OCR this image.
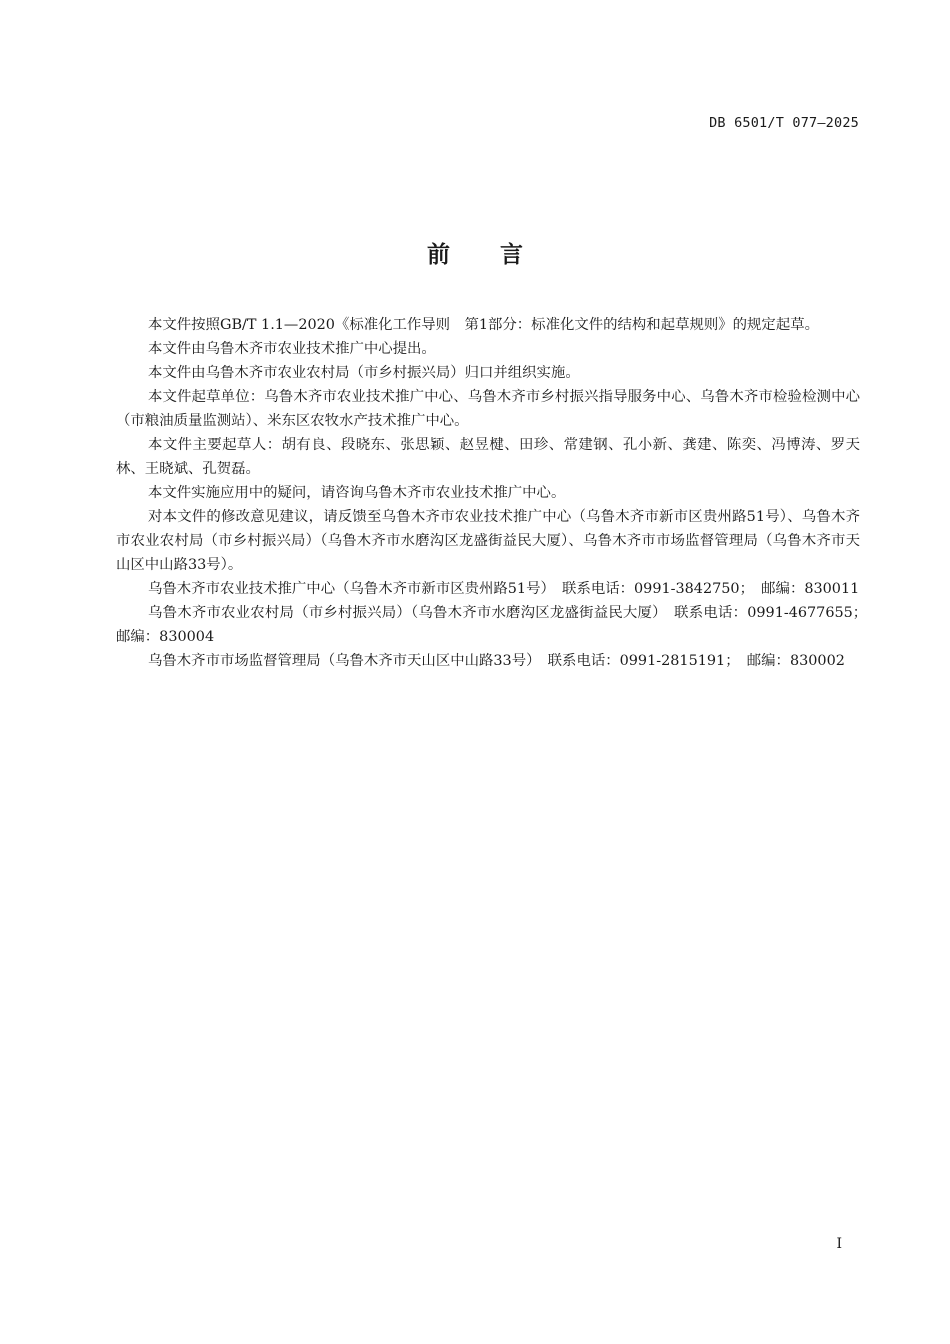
DB 6501/T 077—2025
前言

本文件按照GB/T 1.1—2020《标准化工作导则　第1部分：标准化文件的结构和起草规则》的规定起草。

本文件由乌鲁木齐市农业技术推广中心提出。

本文件由乌鲁木齐市农业农村局（市乡村振兴局）归口并组织实施。

本文件起草单位：乌鲁木齐市农业技术推广中心、乌鲁木齐市乡村振兴指导服务中心、乌鲁木齐市检验检测中心（市粮油质量监测站）、米东区农牧水产技术推广中心。

本文件主要起草人：胡有良、段晓东、张思颖、赵昱楗、田珍、常建钢、孔小新、龚建、陈奕、冯博涛、罗天林、王晓斌、孔贺磊。

本文件实施应用中的疑问，请咨询乌鲁木齐市农业技术推广中心。

对本文件的修改意见建议，请反馈至乌鲁木齐市农业技术推广中心（乌鲁木齐市新市区贵州路51号）、乌鲁木齐市农业农村局（市乡村振兴局）（乌鲁木齐市水磨沟区龙盛街益民大厦）、乌鲁木齐市市场监督管理局（乌鲁木齐市天山区中山路33号）。

乌鲁木齐市农业技术推广中心（乌鲁木齐市新市区贵州路51号）　联系电话：0991-3842750；　邮编：830011

乌鲁木齐市农业农村局（市乡村振兴局）（乌鲁木齐市水磨沟区龙盛街益民大厦）　联系电话：0991-4677655；　邮编：830004

乌鲁木齐市市场监督管理局（乌鲁木齐市天山区中山路33号）　联系电话：0991-2815191；　邮编：830002

I
